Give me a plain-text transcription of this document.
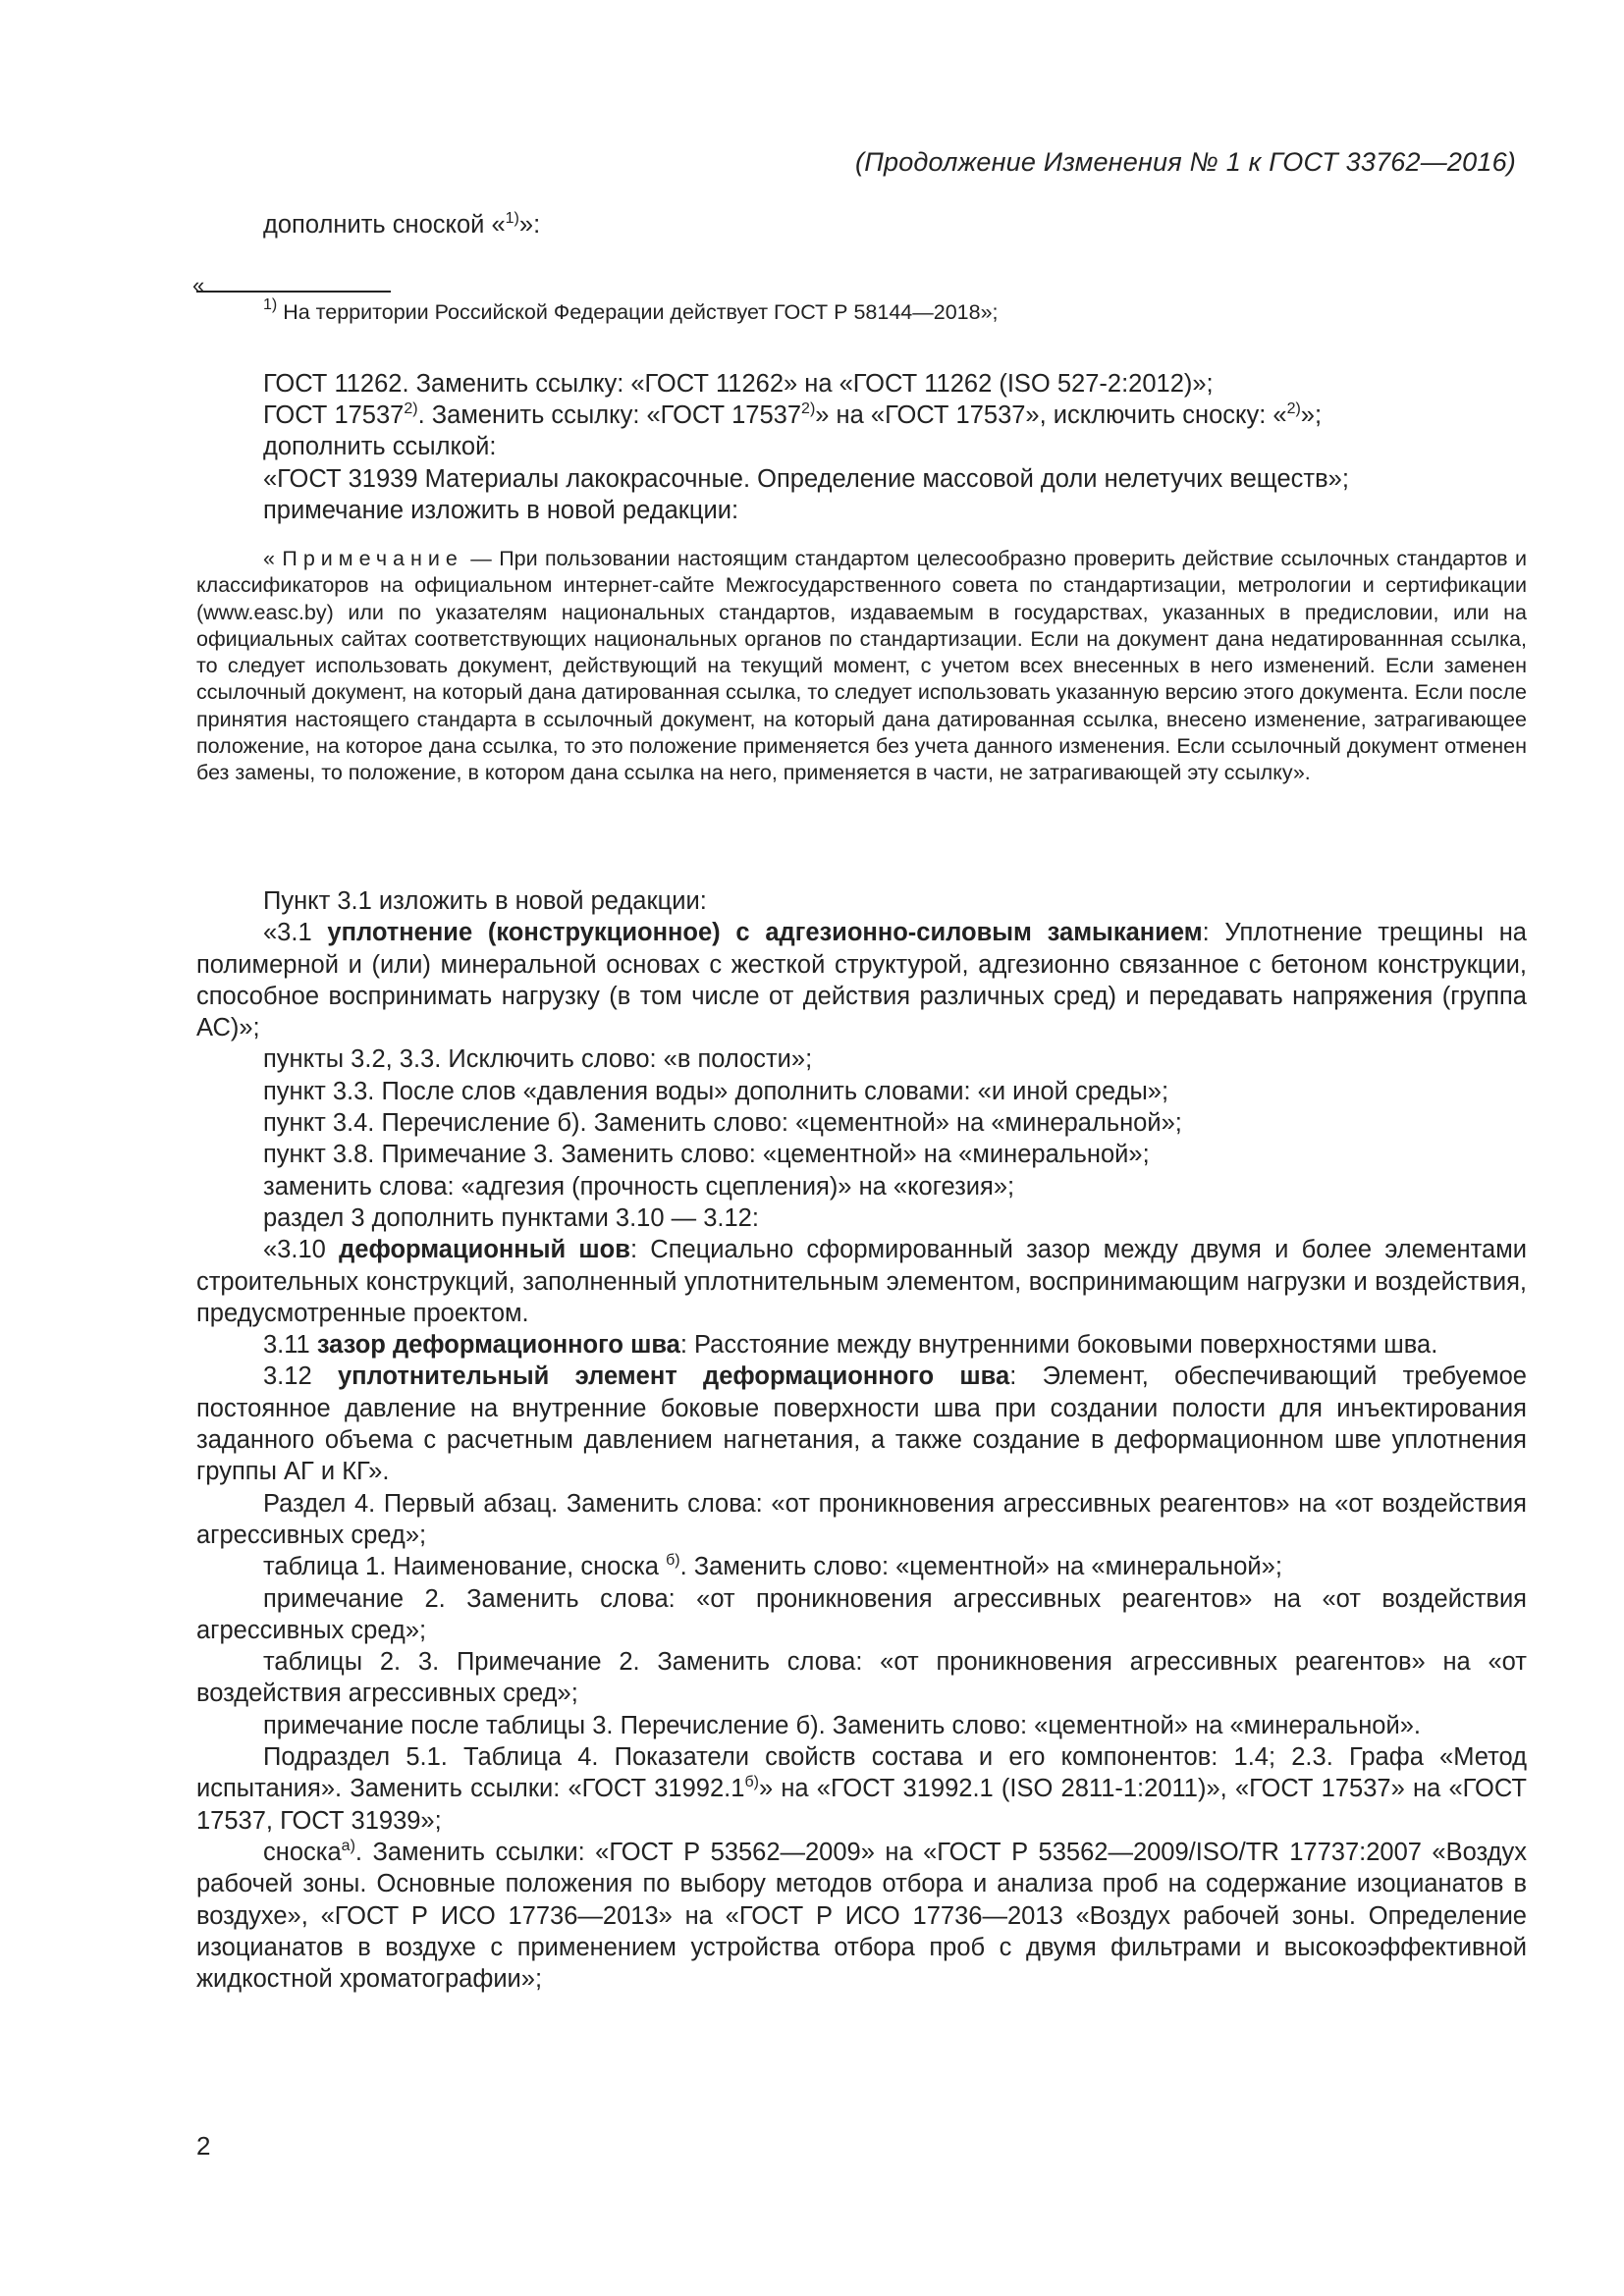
(Продолжение Изменения № 1 к ГОСТ 33762—2016)
дополнить сноской «$^{1)}$»:
«
$^{1)}$ На территории Российской Федерации действует ГОСТ Р 58144—2018»;
ГОСТ 11262. Заменить ссылку: «ГОСТ 11262» на «ГОСТ 11262 (ISO 527-2:2012)»;
ГОСТ 17537$^{2)}$. Заменить ссылку: «ГОСТ 17537$^{2)}$» на «ГОСТ 17537», исключить сноску: «$^{2)}$»;
дополнить ссылкой:
«ГОСТ 31939 Материалы лакокрасочные. Определение массовой доли нелетучих веществ»;
примечание изложить в новой редакции:
« Примечание — При пользовании настоящим стандартом целесообразно проверить действие ссылочных стандартов и классификаторов на официальном интернет-сайте Межгосударственного совета по стандартизации, метрологии и сертификации (www.easc.by) или по указателям национальных стандартов, издаваемым в государствах, указанных в предисловии, или на официальных сайтах соответствующих национальных органов по стандартизации. Если на документ дана недатированнная ссылка, то следует использовать документ, действующий на текущий момент, с учетом всех внесенных в него изменений. Если заменен ссылочный документ, на который дана датированная ссылка, то следует использовать указанную версию этого документа. Если после принятия настоящего стандарта в ссылочный документ, на который дана датированная ссылка, внесено изменение, затрагивающее положение, на которое дана ссылка, то это положение применяется без учета данного изменения. Если ссылочный документ отменен без замены, то положение, в котором дана ссылка на него, применяется в части, не затрагивающей эту ссылку».

Пункт 3.1 изложить в новой редакции:

«3.1 уплотнение (конструкционное) с адгезионно-силовым замыканием: Уплотнение трещины на полимерной и (или) минеральной основах с жесткой структурой, адгезионно связанное с бетоном конструкции, способное воспринимать нагрузку (в том числе от действия различных сред) и передавать напряжения (группа АС)»;

пункты 3.2, 3.3. Исключить слово: «в полости»;

пункт 3.3. После слов «давления воды» дополнить словами: «и иной среды»;

пункт 3.4. Перечисление б). Заменить слово: «цементной» на «минеральной»;

пункт 3.8. Примечание 3. Заменить слово: «цементной» на «минеральной»;

заменить слова: «адгезия (прочность сцепления)» на «когезия»;

раздел 3 дополнить пунктами 3.10 — 3.12:

«3.10 деформационный шов: Специально сформированный зазор между двумя и более элементами строительных конструкций, заполненный уплотнительным элементом, воспринимающим нагрузки и воздействия, предусмотренные проектом.

3.11 зазор деформационного шва: Расстояние между внутренними боковыми поверхностями шва.

3.12 уплотнительный элемент деформационного шва: Элемент, обеспечивающий требуемое постоянное давление на внутренние боковые поверхности шва при создании полости для инъектирования заданного объема с расчетным давлением нагнетания, а также создание в деформационном шве уплотнения группы АГ и КГ».

Раздел 4. Первый абзац. Заменить слова: «от проникновения агрессивных реагентов» на «от воздействия агрессивных сред»;

таблица 1. Наименование, сноска $^{б)}$. Заменить слово: «цементной» на «минеральной»;

примечание 2. Заменить слова: «от проникновения агрессивных реагентов» на «от воздействия агрессивных сред»;

таблицы 2. 3. Примечание 2. Заменить слова: «от проникновения агрессивных реагентов» на «от воздействия агрессивных сред»;

примечание после таблицы 3. Перечисление б). Заменить слово: «цементной» на «минеральной».

Подраздел 5.1. Таблица 4. Показатели свойств состава и его компонентов: 1.4; 2.3. Графа «Метод испытания». Заменить ссылки: «ГОСТ $31992.1^{б)}$» на «ГОСТ 31992.1 (ISO 2811-1:2011)», «ГОСТ 17537» на «ГОСТ 17537, ГОСТ 31939»;

сноска$^{а)}$. Заменить ссылки: «ГОСТ Р 53562—2009» на «ГОСТ Р 53562—2009/ISO/TR 17737:2007 «Воздух рабочей зоны. Основные положения по выбору методов отбора и анализа проб на содержание изоцианатов в воздухе», «ГОСТ Р ИСО 17736—2013» на «ГОСТ Р ИСО 17736—2013 «Воздух рабочей зоны. Определение изоцианатов в воздухе с применением устройства отбора проб с двумя фильтрами и высокоэффективной жидкостной хроматографии»;

2
